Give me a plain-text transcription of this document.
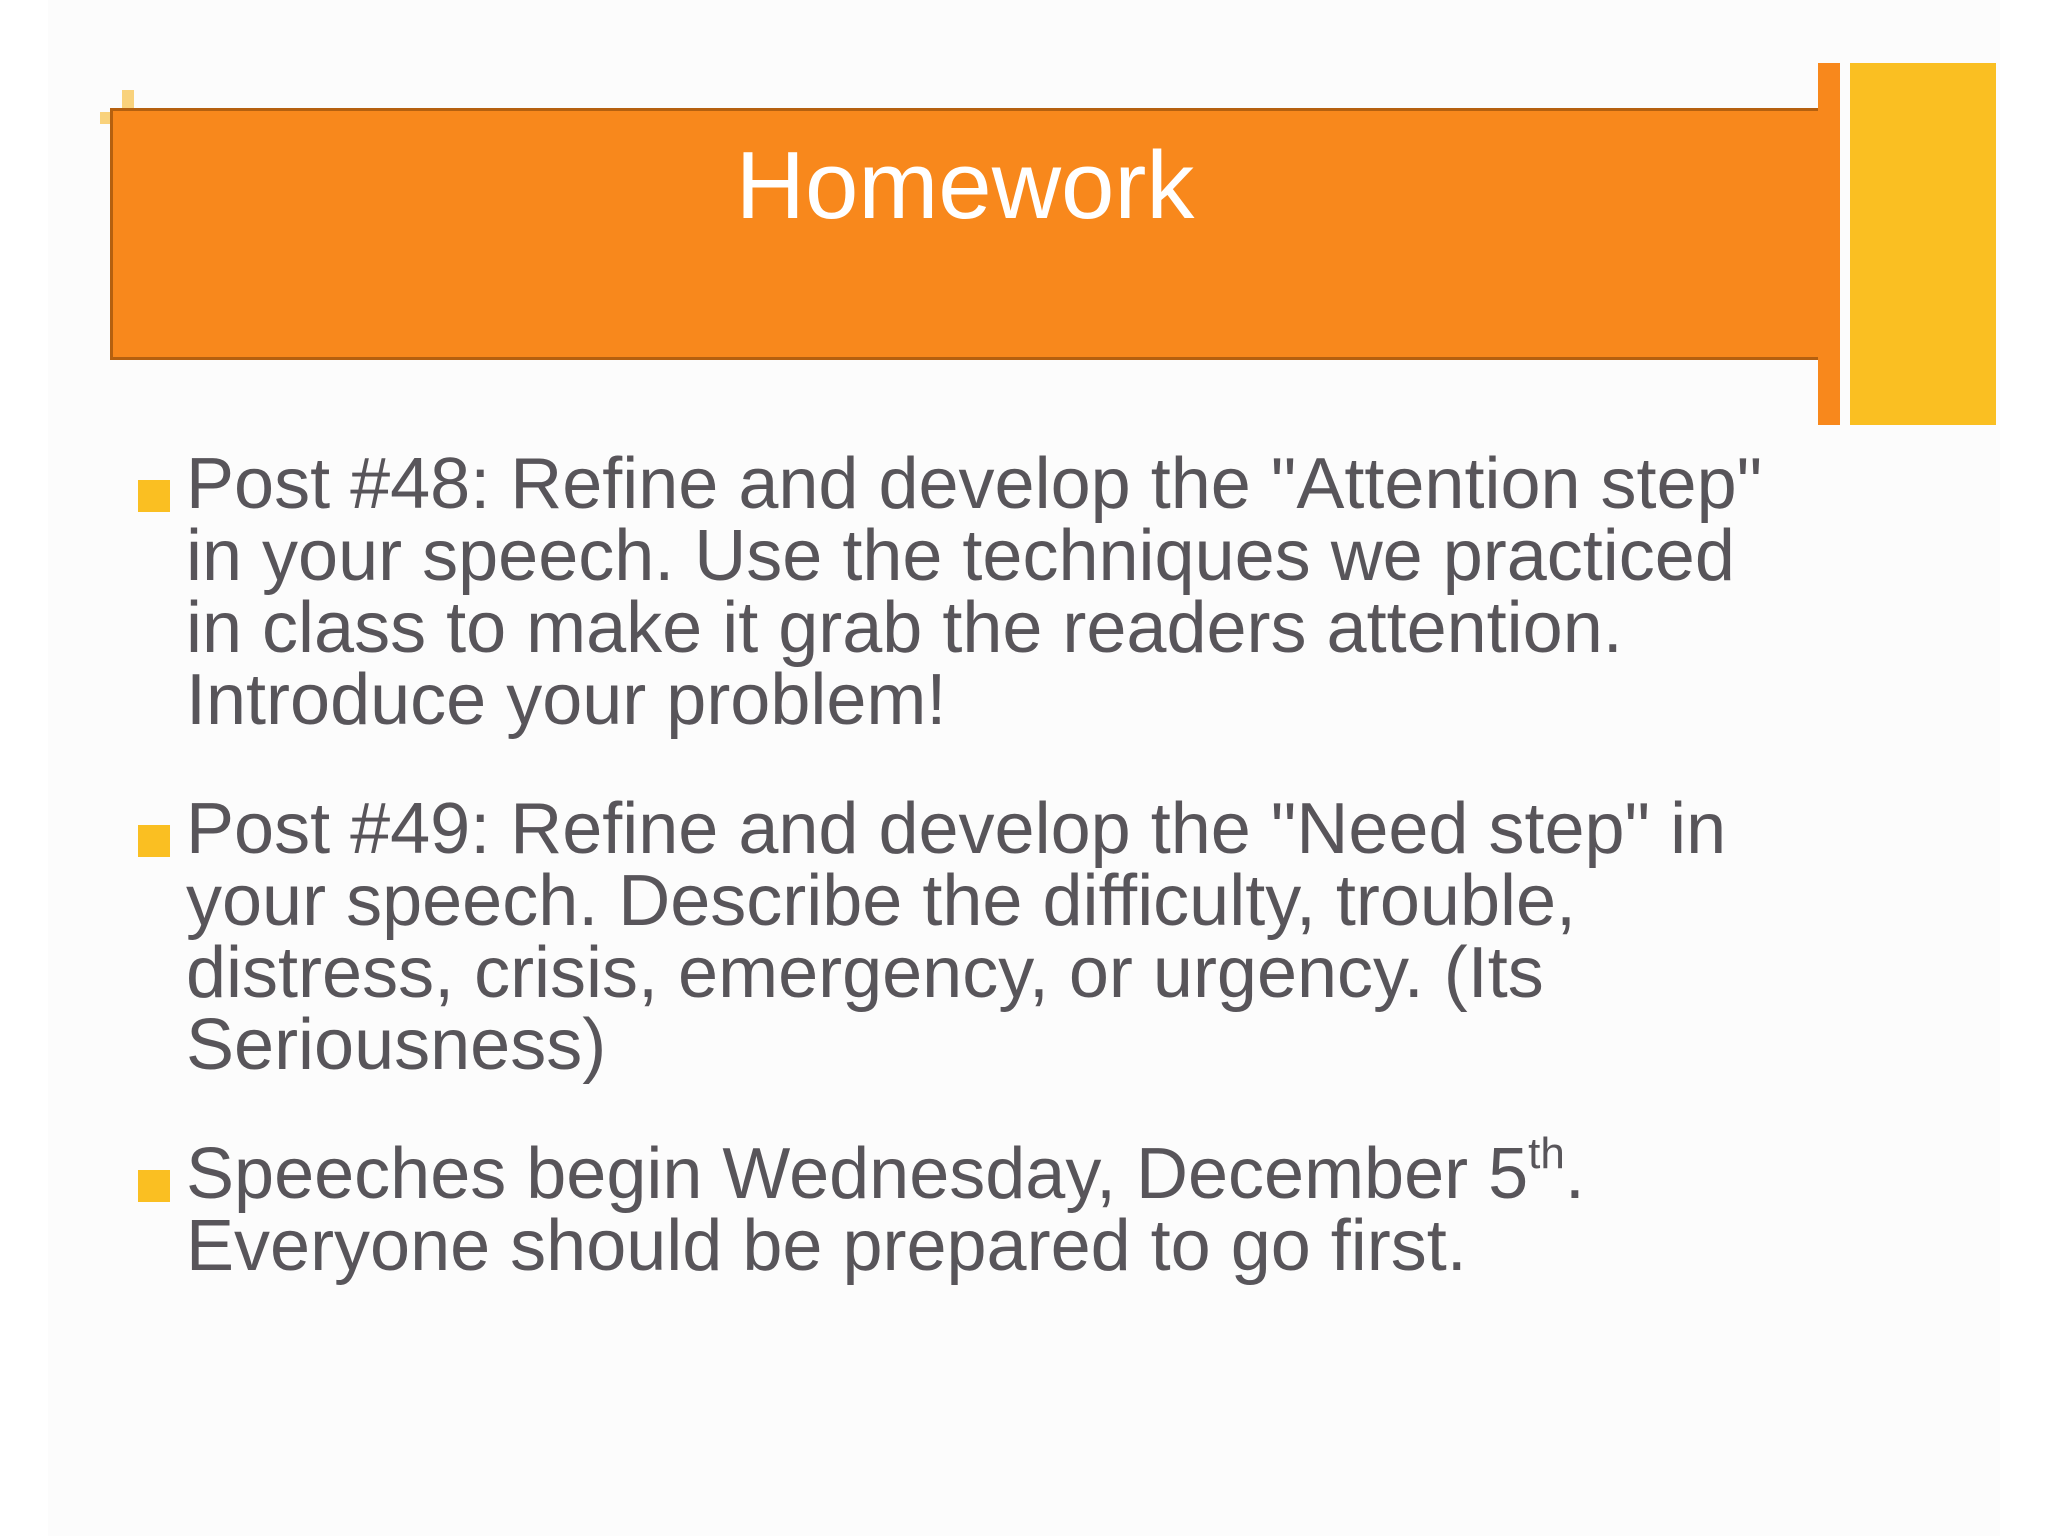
Homework
Post #48: Refine and develop the "Attention step" in your speech. Use the techniques we practiced in class to make it grab the readers attention. Introduce your problem!
Post #49: Refine and develop the "Need step" in your speech. Describe the difficulty, trouble, distress, crisis, emergency, or urgency. (Its Seriousness)
Speeches begin Wednesday, December 5th. Everyone should be prepared to go first.
